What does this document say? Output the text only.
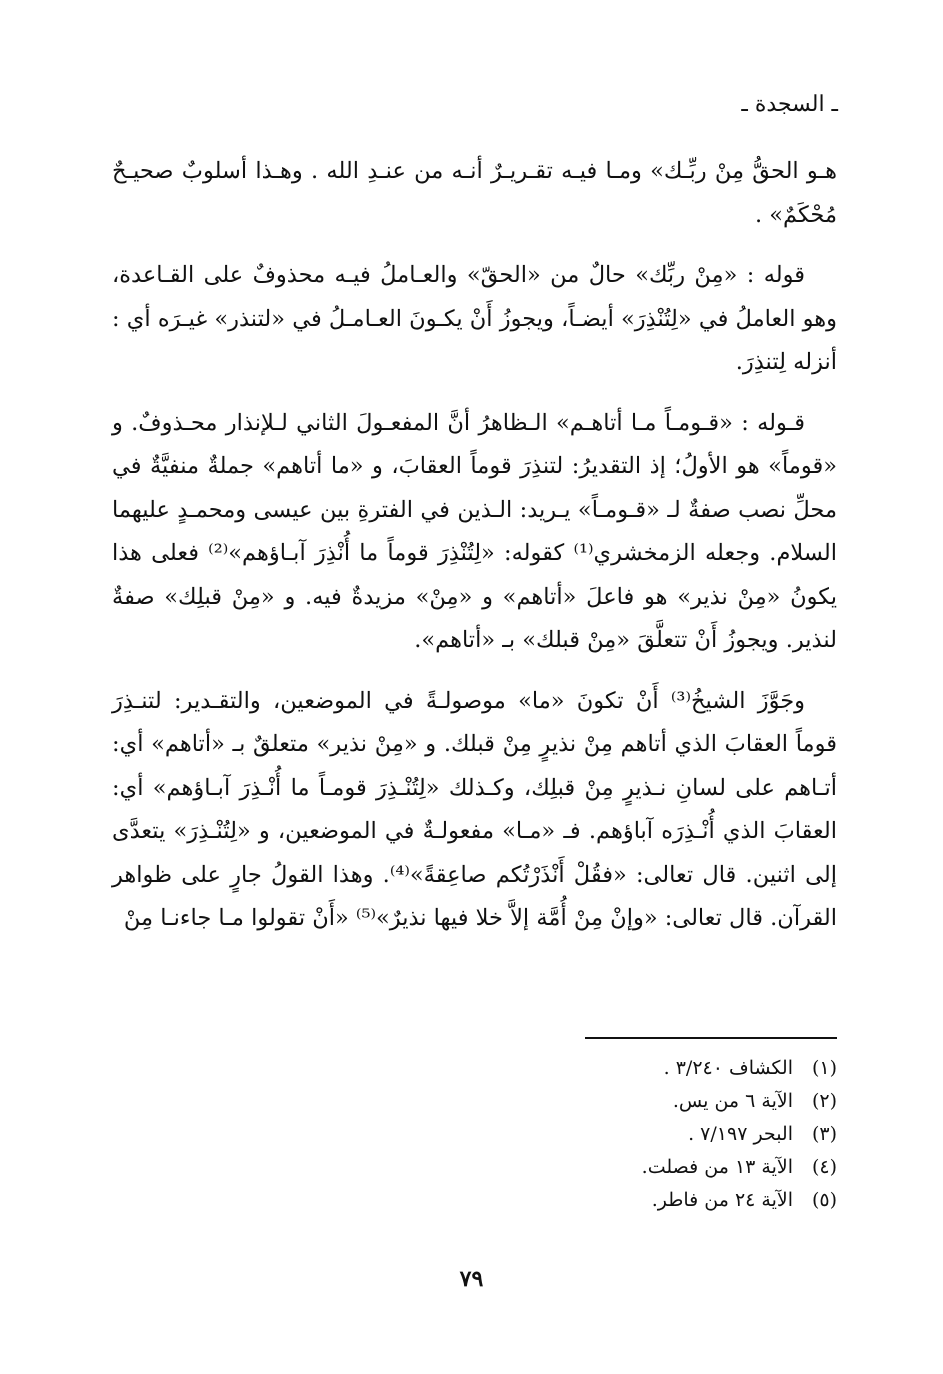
ـ السجدة ـ

هـو الحقُّ مِنْ ربِّـك» ومـا فيـه تقـريـرٌ أنـه من عنـدِ الله . وهـذا أسلوبٌ صحيـحٌ مُحْكَمٌ» .

قوله : «مِنْ ربِّك» حالٌ من «الحقّ» والعـاملُ فيـه محذوفٌ على القـاعدة، وهو العاملُ في «لِتُنْذِرَ» أيضـاً، ويجوزُ أَنْ يكـونَ العـامـلُ في «لتنذر» غيـرَه أي : أنزله لِتنذِرَ.

قـوله : «قـومـاً مـا أتاهـم» الـظاهرُ أنَّ المفعـولَ الثاني لـلإنذار محـذوفٌ. و «قوماً» هو الأولُ؛ إذ التقديرُ: لتنذِرَ قوماً العقابَ، و «ما أتاهم» جملةٌ منفيَّةٌ في محلِّ نصب صفةٌ لـ «قـومـاً» يـريد: الـذين في الفترةِ بين عيسى ومحمـدٍ عليهما السلام. وجعله الزمخشري⁽¹⁾ كقوله: «لِتُنْذِرَ قوماً ما أُنْذِرَ آبـاؤهم»⁽²⁾ فعلى هذا يكونُ «مِنْ نذير» هو فاعلَ «أتاهم» و «مِنْ» مزيدةٌ فيه. و «مِنْ قبلِك» صفةٌ لنذير. ويجوزُ أَنْ تتعلَّقَ «مِنْ قبلك» بـ «أتاهم».

وجَوَّزَ الشيخُ⁽³⁾ أَنْ تكونَ «ما» موصولـةً في الموضعين، والتقـدير: لتنـذِرَ قوماً العقابَ الذي أتاهم مِنْ نذيرٍ مِنْ قبلك. و «مِنْ نذير» متعلقٌ بـ «أتاهم» أي: أتـاهم على لسانِ نـذيرٍ مِنْ قبلِك، وكـذلك «لِتُنْـذِرَ قومـاً ما أُنْـذِرَ آبـاؤهم» أي: العقابَ الذي أُنْـذِرَه آباؤهم. فـ «مـا» مفعولـةٌ في الموضعين، و «لِتُنْـذِرَ» يتعدَّى إلى اثنين. قال تعالى: «فقُلْ أَنْذَرْتُكم صاعِقةً»⁽⁴⁾. وهذا القولُ جارٍ على ظواهر القرآن. قال تعالى: «وإنْ مِنْ أُمَّة إلاَّ خلا فيها نذيرٌ»⁽⁵⁾ «أَنْ تقولوا مـا جاءنـا مِنْ

(١)
الكشاف ٣/٢٤٠ .
(٢)
الآية ٦ من يس.
(٣)
البحر ٧/١٩٧ .
(٤)
الآية ١٣ من فصلت.
(٥)
الآية ٢٤ من فاطر.
٧٩
